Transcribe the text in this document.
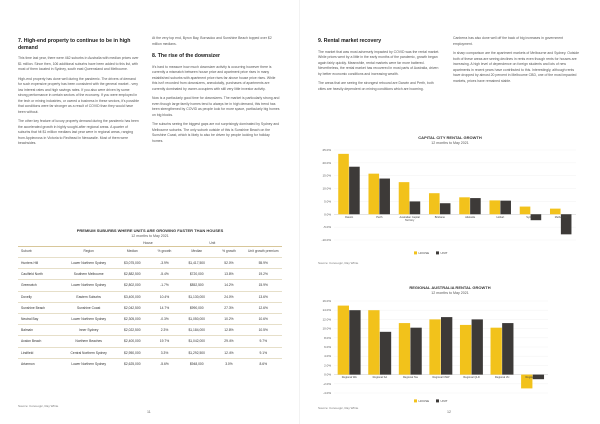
7. High-end property to continue to be in high demand

This time last year, there were 462 suburbs in Australia with median prices over $1 million. Since then, 106 additional suburbs have been added to this list, with most of them located in Sydney, south east Queensland and Melbourne.

High-end property has done well during the pandemic. The drivers of demand for such expensive property has been consistent with the general market - very low interest rates and high savings rates. If you also were driven by some strong performance in certain sectors of the economy. If you were employed in the tech or mining industries, or owned a business in these sectors, it's possible that conditions were far stronger as a result of COVID than they would have been without.

The other key feature of luxury property demand during the pandemic has been the accelerated growth in highly sought-after regional areas. A quarter of suburbs that hit $1 million medians last year were in regional areas, ranging from Applecross in Victoria to Redhead in Newcastle. Most of them were beachsides.

At the very top end, Byron Bay, Bornadoo and Sunshine Beach topped over $2 million medians.

8. The rise of the downsizer

It's hard to measure how much downsizer activity is occurring however there is currently a mismatch between house price and apartment price rises in many established suburbs with apartment price rises far above house price rises. While this isn't recorded from downsizers, anecdotally, purchases of apartments are currently dominated by owner-occupiers with still very little investor activity.

Now is a particularly good time for downsizers. The market is particularly strong and even though large family homes tend to always be in high demand, this trend has been strengthened by COVID as people look for more space, particularly big homes on big blocks.

The suburbs seeing the biggest gaps are not surprisingly dominated by Sydney and Melbourne suburbs. The only suburb outside of this is Sunshine Beach on the Sunshine Coast, which is likely to also be driven by people looking for holiday homes.

PREMIUM SUBURBS WHERE UNITS ARE GROWING FASTER THAN HOUSES
12 months to May 2021
		House		Unit		
Suburb	Region	Median	% growth	Median	% growth	Unit growth premium
Hunters Hill	Lower Northern Sydney	$3,075,000	-3.9%	$1,417,500	52.0%	55.9%
Caulfield North	Southern Melbourne	$2,882,500	-5.4%	$720,000	13.8%	19.2%
Greenwich	Lower Northern Sydney	$2,802,000	-1.7%	$852,500	14.2%	15.9%
Dovelly	Eastern Suburbs	$3,400,000	10.4%	$1,130,000	24.0%	13.6%
Sunshine Beach	Sunshine Coast	$2,042,500	14.7%	$990,000	27.3%	12.6%
Neutral Bay	Lower Northern Sydney	$2,305,000	-0.3%	$1,050,000	10.2%	10.6%
Balmain	Inner Sydney	$2,022,500	2.3%	$1,184,000	12.8%	10.5%
Avalon Beach	Northern Beaches	$2,400,000	19.7%	$1,042,000	29.4%	9.7%
Lindfield	Central Northern Sydney	$2,950,000	3.3%	$1,292,500	12.4%	9.1%
Artarmon	Lower Northern Sydney	$2,625,000	-5.6%	$948,000	3.0%	8.6%
Source: CoreLogic, Ray White
11

9. Rental market recovery

The market that was most adversely impacted by COVID was the rental market. While prices went by a little in the early months of the pandemic, growth began again fairly quickly. Meanwhile, rental markets were far more battered. Nevertheless, the rental market has recovered in most parts of Australia, driven by better economic conditions and increasing wealth.

The areas that are seeing the strongest rebound are Darwin and Perth, both cities are heavily dependent on mining conditions which are booming.

Canberra has also done well off the back of big increases in government employment.

In sharp comparison are the apartment markets of Melbourne and Sydney. Outside both of these areas are seeing declines in rents even though rents for houses are increasing. A high level of dependence on foreign students and lots of new apartments in recent years have contributed to this. Interestingly, although rents have dropped by almost 20 percent in Melbourne CBD, one of the most impacted markets, prices have remained stable.

CAPITAL CITY RENTAL GROWTH
12 months to May 2021
25.0%
20.0%
15.0%
10.0%
5.0%
0.0%
-5.0%
-10.0%
Darwin	Perth	Australian Capital Territory
Brisbane	Adelaide	Hobart	Sydney	Melbourne
HOUSE	UNIT
Source: CoreLogic, Ray White
REGIONAL AUSTRALIA RENTAL GROWTH
12 months to May 2021
16.0%
14.0%
12.0%
10.0%
8.0%
6.0%
4.0%
2.0%
0.0%
-2.0%
-4.0%
Regional WA	Regional SA	Regional Tas	Regional NSW	Regional QLD	Regional Vic	Regional NT
HOUSE	UNIT
Source: CoreLogic, Ray White
12
